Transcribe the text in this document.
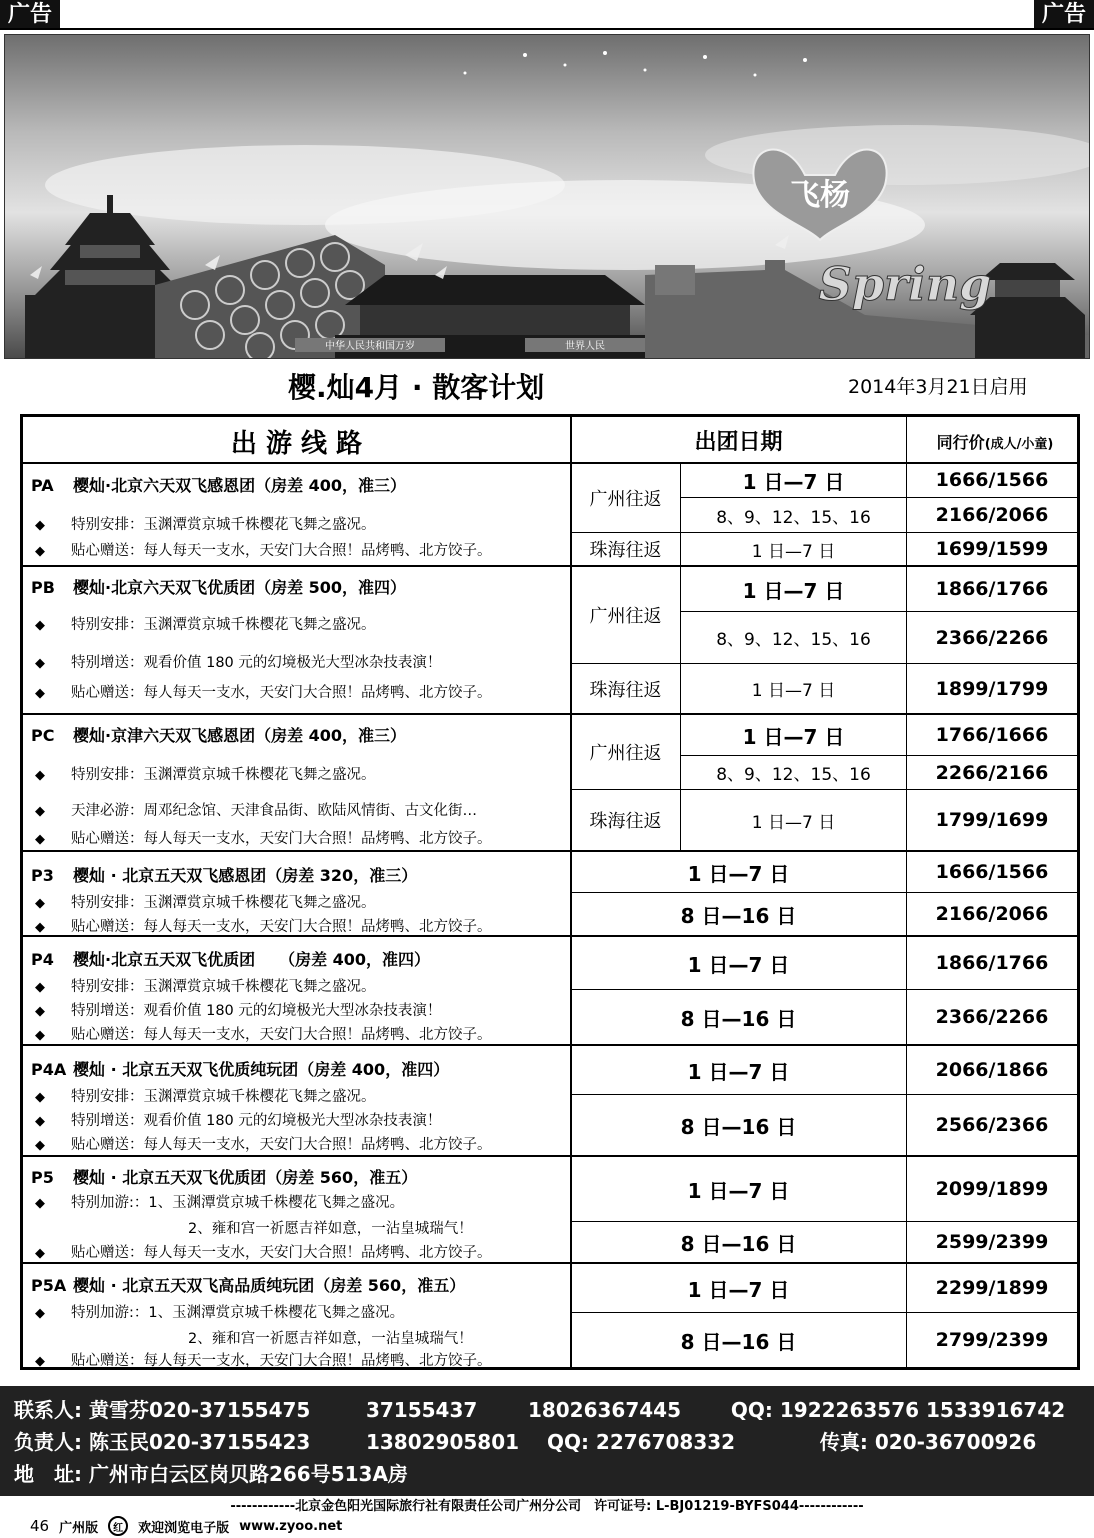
广告	广告
中华人民共和国万岁	世界人民
飞杨
Spring
樱.灿4月 · 散客计划	2014年3月21日启用
出 游 线 路	出团日期	同行价(成人/小童)
PA 樱灿·北京六天双飞感恩团（房差 400，准三）
◆ 特别安排：玉渊潭赏京城千株樱花飞舞之盛况。
◆ 贴心赠送：每人每天一支水，天安门大合照！品烤鸭、北方饺子。
广州往返
1 日—7 日	1666/1566
8、9、12、15、16	2166/2066
珠海往返	1 日—7 日	1699/1599
PB 樱灿·北京六天双飞优质团（房差 500，准四）
◆ 特别安排：玉渊潭赏京城千株樱花飞舞之盛况。
◆ 特别增送：观看价值 180 元的幻境极光大型冰杂技表演！
◆ 贴心赠送：每人每天一支水，天安门大合照！品烤鸭、北方饺子。
广州往返
1 日—7 日	1866/1766
8、9、12、15、16	2366/2266
珠海往返	1 日—7 日	1899/1799
PC 樱灿·京津六天双飞感恩团（房差 400，准三）
◆ 特别安排：玉渊潭赏京城千株樱花飞舞之盛况。
◆ 天津必游：周邓纪念馆、天津食品街、欧陆风情街、古文化街…
◆ 贴心赠送：每人每天一支水，天安门大合照！品烤鸭、北方饺子。
广州往返
1 日—7 日	1766/1666
8、9、12、15、16	2266/2166
珠海往返	1 日—7 日	1799/1699
P3 樱灿 · 北京五天双飞感恩团（房差 320，准三）
◆ 特别安排：玉渊潭赏京城千株樱花飞舞之盛况。
◆ 贴心赠送：每人每天一支水，天安门大合照！品烤鸭、北方饺子。
1 日—7 日	1666/1566
8 日—16 日	2166/2066
P4 樱灿·北京五天双飞优质团　　（房差 400，准四）
◆ 特别安排：玉渊潭赏京城千株樱花飞舞之盛况。
◆ 特别增送：观看价值 180 元的幻境极光大型冰杂技表演！
◆ 贴心赠送：每人每天一支水，天安门大合照！品烤鸭、北方饺子。
1 日—7 日	1866/1766
8 日—16 日	2366/2266
P4A 樱灿 · 北京五天双飞优质纯玩团（房差 400，准四）
◆ 特别安排：玉渊潭赏京城千株樱花飞舞之盛况。
◆ 特别增送：观看价值 180 元的幻境极光大型冰杂技表演！
◆ 贴心赠送：每人每天一支水，天安门大合照！品烤鸭、北方饺子。
1 日—7 日	2066/1866
8 日—16 日	2566/2366
P5 樱灿 · 北京五天双飞优质团（房差 560，准五）
◆ 特别加游:：1、玉渊潭赏京城千株樱花飞舞之盛况。
2、雍和宫一祈愿吉祥如意，一沾皇城瑞气！
◆ 贴心赠送：每人每天一支水，天安门大合照！品烤鸭、北方饺子。
1 日—7 日	2099/1899
8 日—16 日	2599/2399
P5A 樱灿 · 北京五天双飞高品质纯玩团（房差 560，准五）
◆ 特别加游:：1、玉渊潭赏京城千株樱花飞舞之盛况。
2、雍和宫一祈愿吉祥如意，一沾皇城瑞气！
◆ 贴心赠送：每人每天一支水，天安门大合照！品烤鸭、北方饺子。
1 日—7 日	2299/1899
8 日—16 日	2799/2399
联系人: 黄雪芬020-37155475	37155437	18026367445 QQ: 1922263576 1533916742
负责人: 陈玉民020-37155423	13802905801 QQ: 2276708332	传真: 020-36700926
地　址: 广州市白云区岗贝路266号513A房
------------北京金色阳光国际旅行社有限责任公司广州分公司　许可证号: L-BJ01219-BYFS044------------
46 广州版	红	欢迎浏览电子版 www.zyoo.net
